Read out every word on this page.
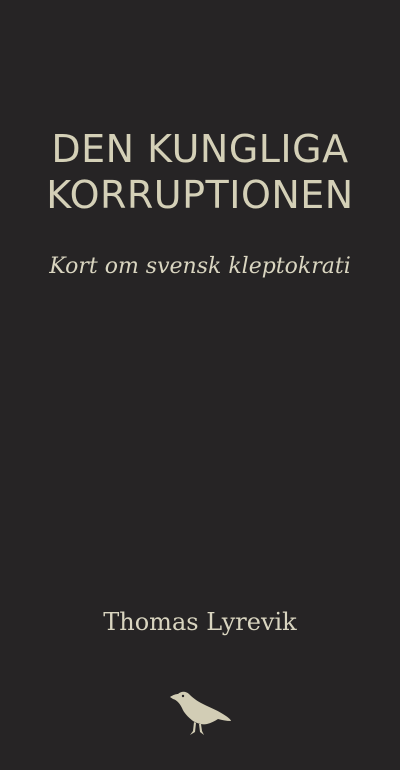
DEN KUNGLIGA
KORRUPTIONEN
Kort om svensk kleptokrati
Thomas Lyrevik
